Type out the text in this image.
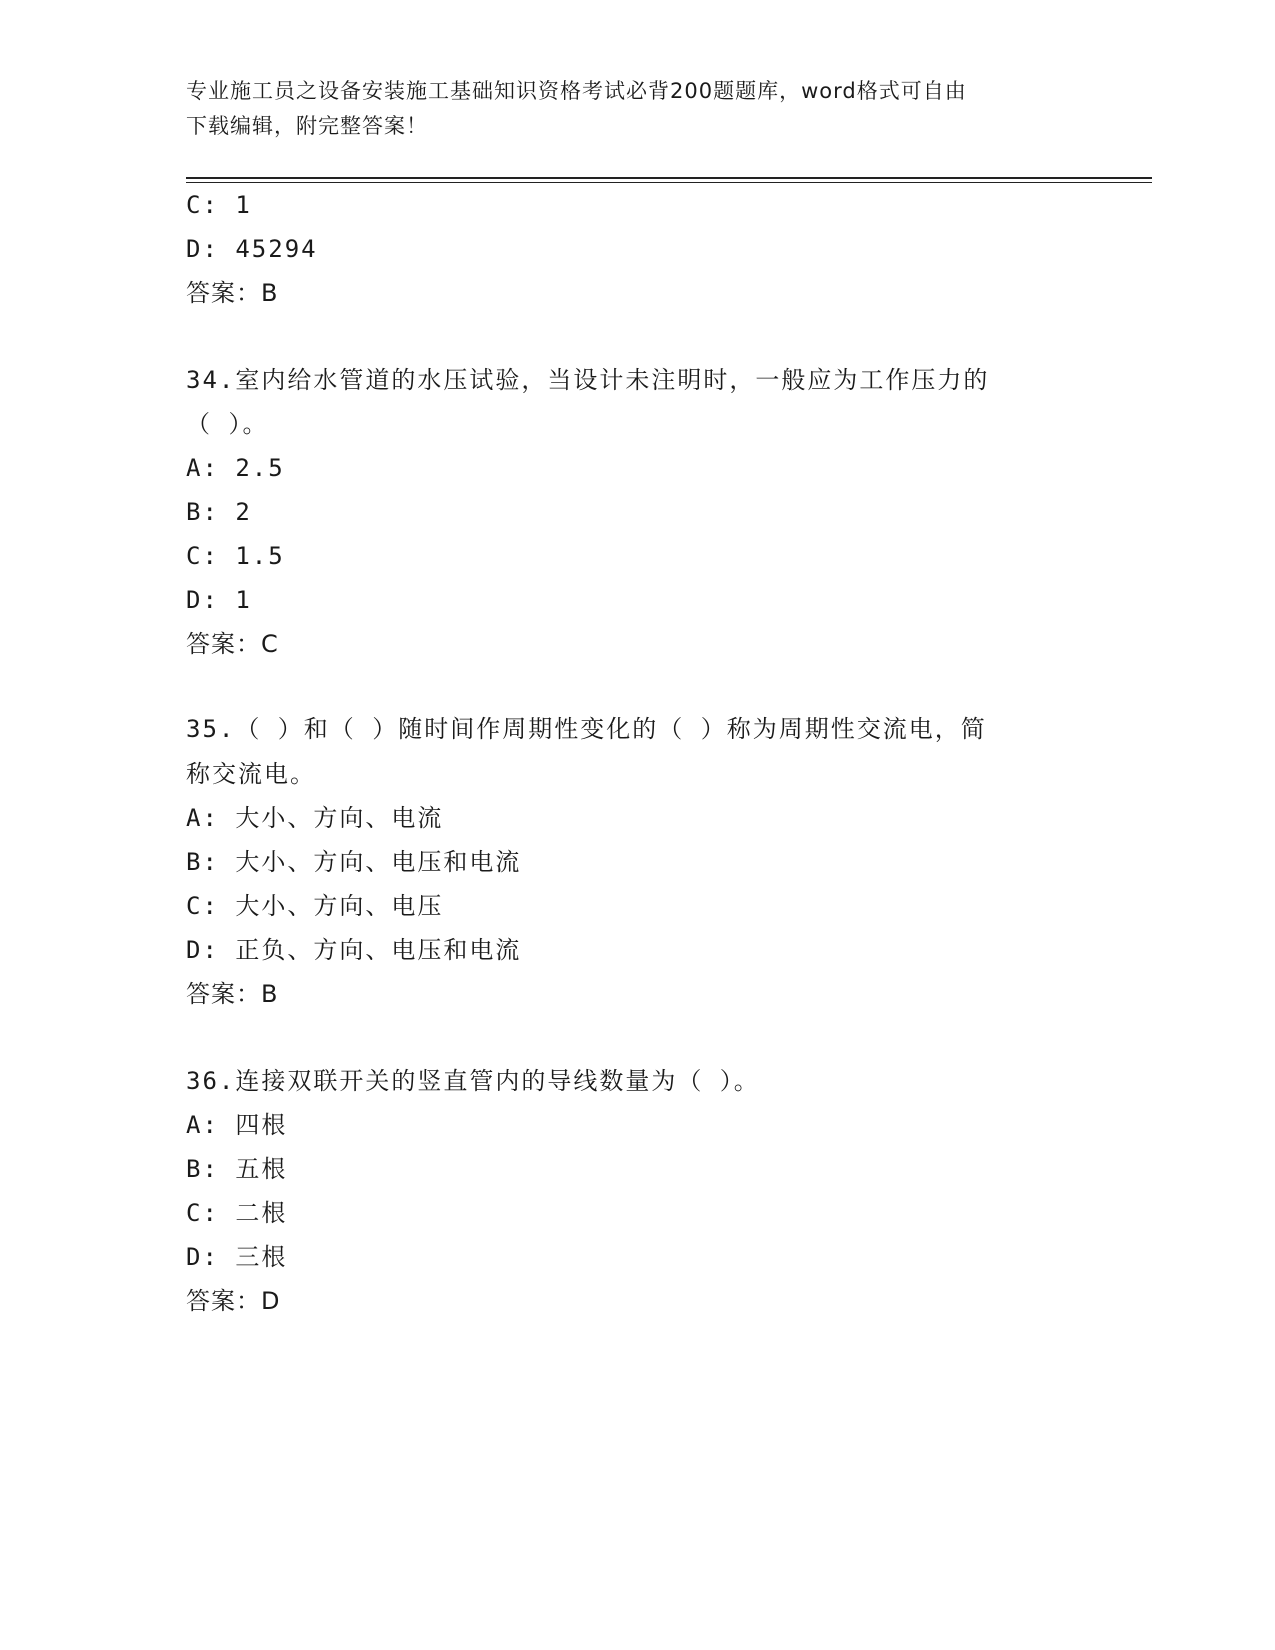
专业施工员之设备安装施工基础知识资格考试必背200题题库，word格式可自由
下载编辑，附完整答案！
C: 1
D: 45294
答案：B
34.室内给水管道的水压试验，当设计未注明时，一般应为工作压力的
（ ）。
A: 2.5
B: 2
C: 1.5
D: 1
答案：C
35.（ ）和（ ）随时间作周期性变化的（ ）称为周期性交流电，简
称交流电。
A: 大小、方向、电流
B: 大小、方向、电压和电流
C: 大小、方向、电压
D: 正负、方向、电压和电流
答案：B
36.连接双联开关的竖直管内的导线数量为（ ）。
A: 四根
B: 五根
C: 二根
D: 三根
答案：D
